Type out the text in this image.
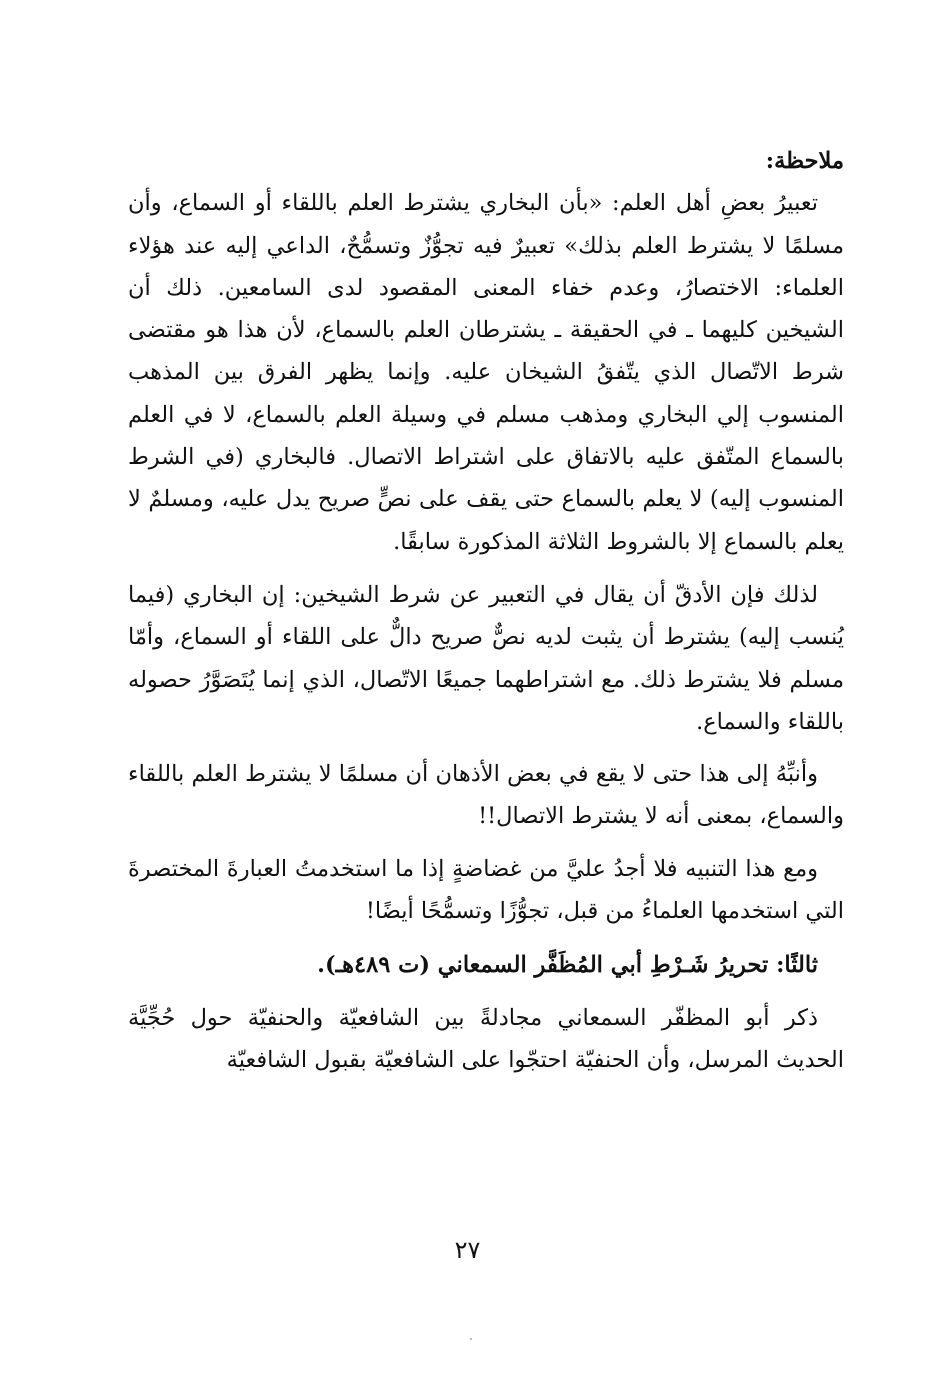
ملاحظة:

تعبيرُ بعضِ أهل العلم: «بأن البخاري يشترط العلم باللقاء أو السماع، وأن مسلمًا لا يشترط العلم بذلك» تعبيرٌ فيه تجوُّزٌ وتسمُّحٌ، الداعي إليه عند هؤلاء العلماء: الاختصارُ، وعدم خفاء المعنى المقصود لدى السامعين. ذلك أن الشيخين كليهما ـ في الحقيقة ـ يشترطان العلم بالسماع، لأن هذا هو مقتضى شرط الاتّصال الذي يتّفقُ الشيخان عليه. وإنما يظهر الفرق بين المذهب المنسوب إلي البخاري ومذهب مسلم في وسيلة العلم بالسماع، لا في العلم بالسماع المتّفق عليه بالاتفاق على اشتراط الاتصال. فالبخاري (في الشرط المنسوب إليه) لا يعلم بالسماع حتى يقف على نصٍّ صريح يدل عليه، ومسلمٌ لا يعلم بالسماع إلا بالشروط الثلاثة المذكورة سابقًا.

لذلك فإن الأدقّ أن يقال في التعبير عن شرط الشيخين: إن البخاري (فيما يُنسب إليه) يشترط أن يثبت لديه نصٌّ صريح دالٌّ على اللقاء أو السماع، وأمّا مسلم فلا يشترط ذلك. مع اشتراطهما جميعًا الاتّصال، الذي إنما يُتَصَوَّرُ حصوله باللقاء والسماع.

وأنبِّهُ إلى هذا حتى لا يقع في بعض الأذهان أن مسلمًا لا يشترط العلم باللقاء والسماع، بمعنى أنه لا يشترط الاتصال!!

ومع هذا التنبيه فلا أجدُ عليَّ من غضاضةٍ إذا ما استخدمتُ العبارةَ المختصرةَ التي استخدمها العلماءُ من قبل، تجوُّزًا وتسمُّحًا أيضًا!

ثالثًا: تحريرُ شَـرْطِ أبي المُظَفَّر السمعاني (ت ٤٨٩هـ).

ذكر أبو المظفّر السمعاني مجادلةً بين الشافعيّة والحنفيّة حول حُجِّيَّة الحديث المرسل، وأن الحنفيّة احتجّوا على الشافعيّة بقبول الشافعيّة

٢٧
